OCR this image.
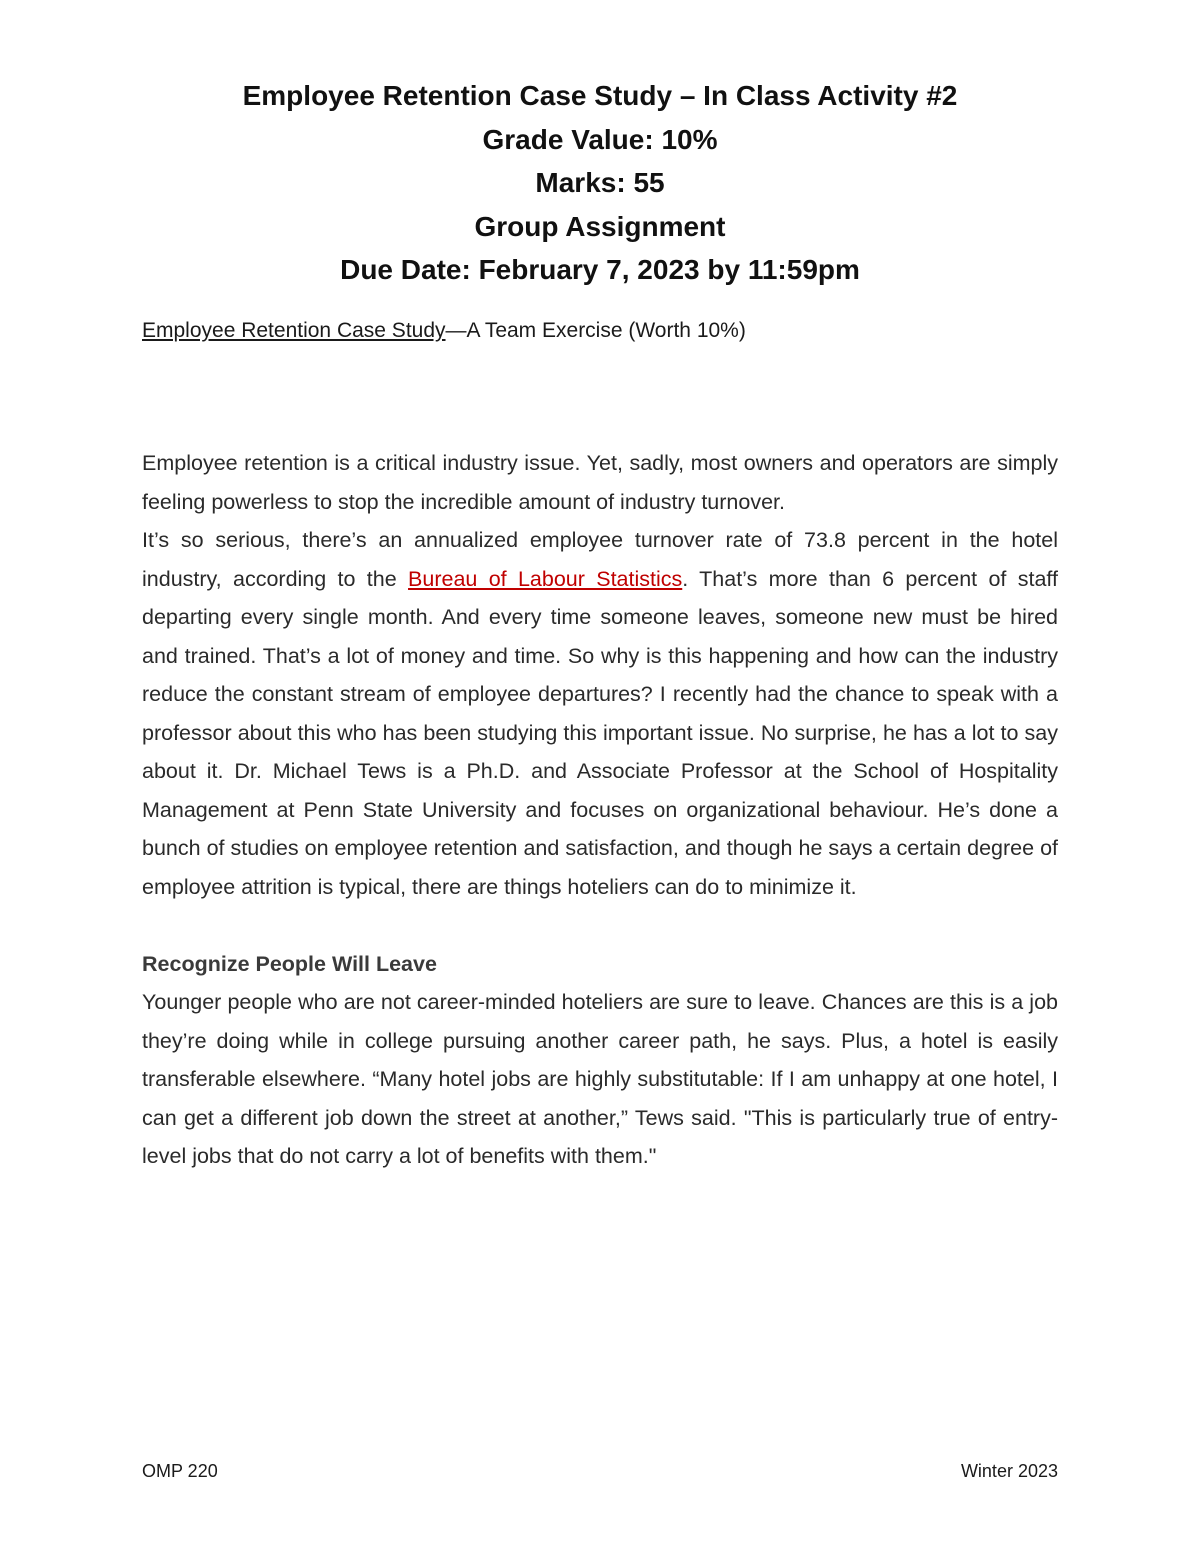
Employee Retention Case Study – In Class Activity #2
Grade Value: 10%
Marks: 55
Group Assignment
Due Date: February 7, 2023 by 11:59pm
Employee Retention Case Study—A Team Exercise (Worth 10%)

Employee retention is a critical industry issue. Yet, sadly, most owners and operators are simply feeling powerless to stop the incredible amount of industry turnover.

It’s so serious, there’s an annualized employee turnover rate of 73.8 percent in the hotel industry, according to the Bureau of Labour Statistics. That’s more than 6 percent of staff departing every single month. And every time someone leaves, someone new must be hired and trained. That’s a lot of money and time. So why is this happening and how can the industry reduce the constant stream of employee departures? I recently had the chance to speak with a professor about this who has been studying this important issue. No surprise, he has a lot to say about it. Dr. Michael Tews is a Ph.D. and Associate Professor at the School of Hospitality Management at Penn State University and focuses on organizational behaviour. He’s done a bunch of studies on employee retention and satisfaction, and though he says a certain degree of employee attrition is typical, there are things hoteliers can do to minimize it.

Recognize People Will Leave

Younger people who are not career-minded hoteliers are sure to leave. Chances are this is a job they’re doing while in college pursuing another career path, he says. Plus, a hotel is easily transferable elsewhere. “Many hotel jobs are highly substitutable: If I am unhappy at one hotel, I can get a different job down the street at another,” Tews said. "This is particularly true of entry-level jobs that do not carry a lot of benefits with them."

OMP 220	Winter 2023
